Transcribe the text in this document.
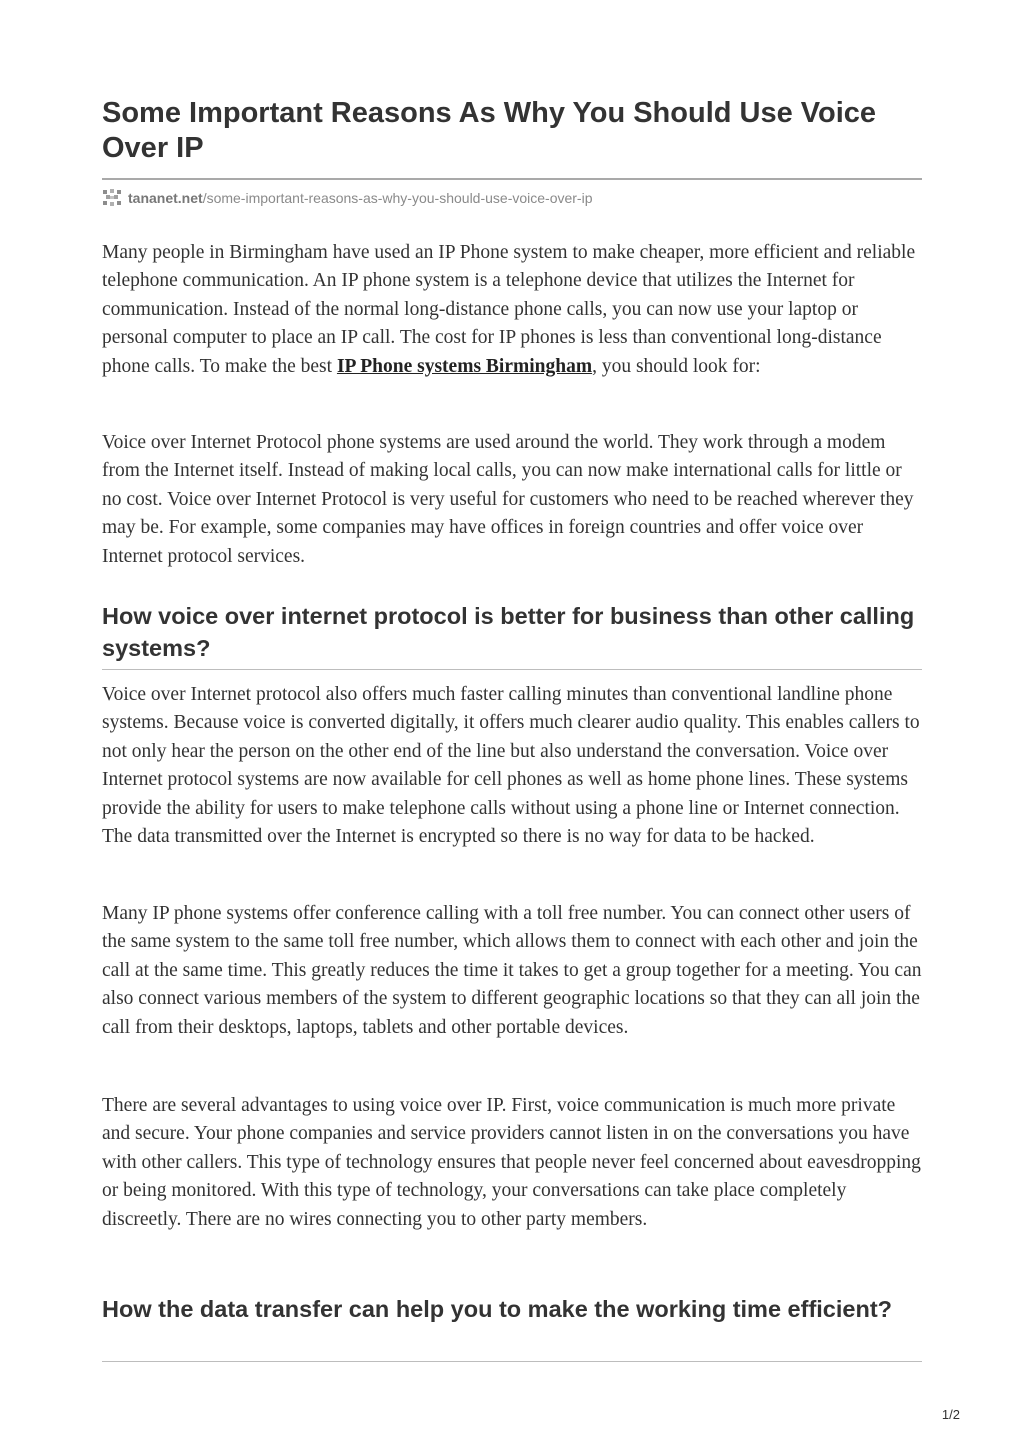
Some Important Reasons As Why You Should Use Voice Over IP
tananet.net /some-important-reasons-as-why-you-should-use-voice-over-ip

Many people in Birmingham have used an IP Phone system to make cheaper, more efficient and reliable telephone communication. An IP phone system is a telephone device that utilizes the Internet for communication. Instead of the normal long-distance phone calls, you can now use your laptop or personal computer to place an IP call. The cost for IP phones is less than conventional long-distance phone calls. To make the best IP Phone systems Birmingham, you should look for:

Voice over Internet Protocol phone systems are used around the world. They work through a modem from the Internet itself. Instead of making local calls, you can now make international calls for little or no cost. Voice over Internet Protocol is very useful for customers who need to be reached wherever they may be. For example, some companies may have offices in foreign countries and offer voice over Internet protocol services.

How voice over internet protocol is better for business than other calling systems?

Voice over Internet protocol also offers much faster calling minutes than conventional landline phone systems. Because voice is converted digitally, it offers much clearer audio quality. This enables callers to not only hear the person on the other end of the line but also understand the conversation. Voice over Internet protocol systems are now available for cell phones as well as home phone lines. These systems provide the ability for users to make telephone calls without using a phone line or Internet connection. The data transmitted over the Internet is encrypted so there is no way for data to be hacked.

Many IP phone systems offer conference calling with a toll free number. You can connect other users of the same system to the same toll free number, which allows them to connect with each other and join the call at the same time. This greatly reduces the time it takes to get a group together for a meeting. You can also connect various members of the system to different geographic locations so that they can all join the call from their desktops, laptops, tablets and other portable devices.

There are several advantages to using voice over IP. First, voice communication is much more private and secure. Your phone companies and service providers cannot listen in on the conversations you have with other callers. This type of technology ensures that people never feel concerned about eavesdropping or being monitored. With this type of technology, your conversations can take place completely discreetly. There are no wires connecting you to other party members.

How the data transfer can help you to make the working time efficient?
1/2
